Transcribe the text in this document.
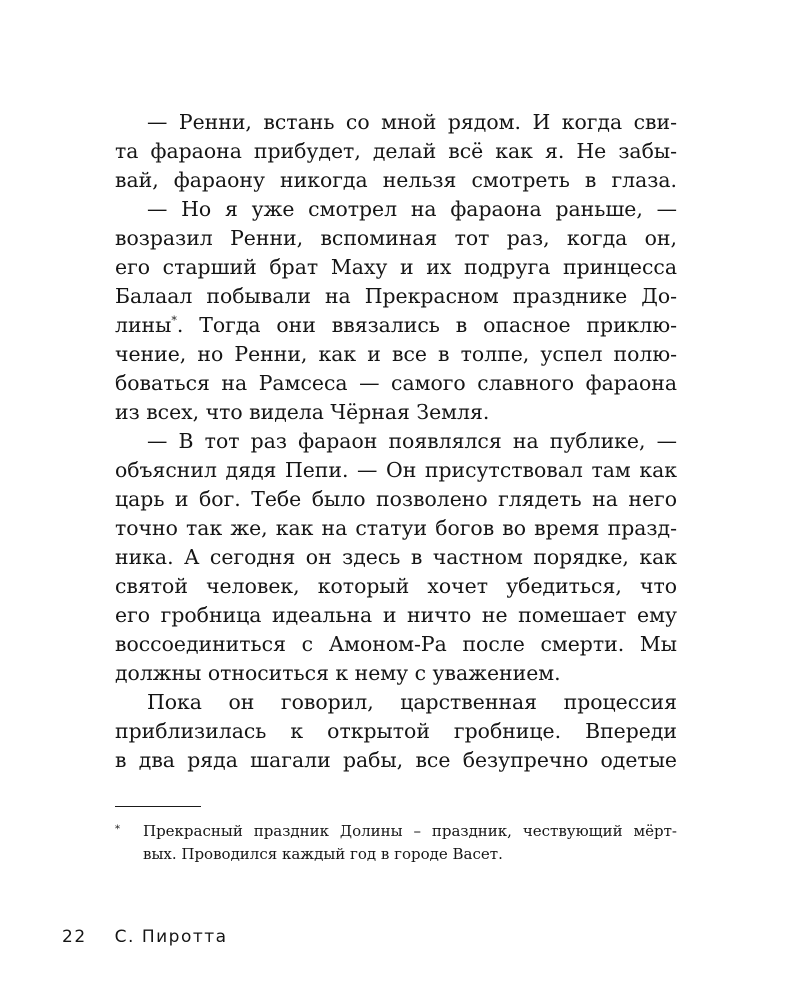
— Ренни, встань со мной рядом. И когда сви-
та фараона прибудет, делай всё как я. Не забы-
вай, фараону никогда нельзя смотреть в глаза.
— Но я уже смотрел на фараона раньше, —
возразил Ренни, вспоминая тот раз, когда он,
его старший брат Маху и их подруга принцесса
Балаал побывали на Прекрасном празднике До-
лины*. Тогда они ввязались в опасное приклю-
чение, но Ренни, как и все в толпе, успел полю-
боваться на Рамсеса — самого славного фараона
из всех, что видела Чёрная Земля.
— В тот раз фараон появлялся на публике, —
объяснил дядя Пепи. — Он присутствовал там как
царь и бог. Тебе было позволено глядеть на него
точно так же, как на статуи богов во время празд-
ника. А сегодня он здесь в частном порядке, как
святой человек, который хочет убедиться, что
его гробница идеальна и ничто не помешает ему
воссоединиться с Амоном-Ра после смерти. Мы
должны относиться к нему с уважением.
Пока он говорил, царственная процессия
приблизилась к открытой гробнице. Впереди
в два ряда шагали рабы, все безупречно одетые
* Прекрасный праздник Долины – праздник, чествующий мёрт-
вых. Проводился каждый год в городе Васет.
22 С. Пиротта
